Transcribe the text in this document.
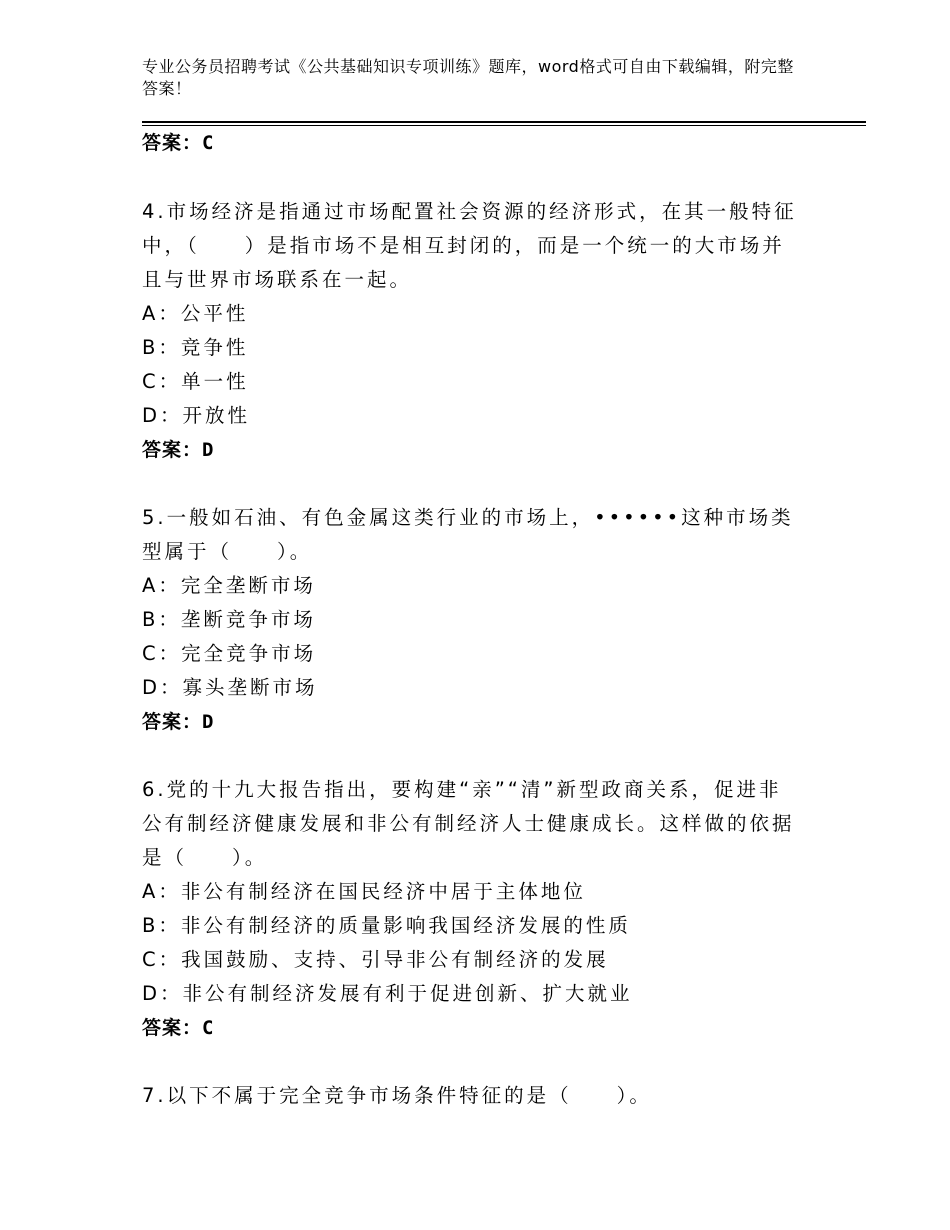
专业公务员招聘考试《公共基础知识专项训练》题库，word格式可自由下载编辑，附完整答案！
答案：C
4.市场经济是指通过市场配置社会资源的经济形式，在其一般特征中，（　　）是指市场不是相互封闭的，而是一个统一的大市场并且与世界市场联系在一起。
A：公平性
B：竞争性
C：单一性
D：开放性
答案：D
5.一般如石油、有色金属这类行业的市场上，••••••这种市场类型属于（　　）。
A：完全垄断市场
B：垄断竞争市场
C：完全竞争市场
D：寡头垄断市场
答案：D
6.党的十九大报告指出，要构建“亲”“清”新型政商关系，促进非公有制经济健康发展和非公有制经济人士健康成长。这样做的依据是（　　）。
A：非公有制经济在国民经济中居于主体地位
B：非公有制经济的质量影响我国经济发展的性质
C：我国鼓励、支持、引导非公有制经济的发展
D：非公有制经济发展有利于促进创新、扩大就业
答案：C
7.以下不属于完全竞争市场条件特征的是（　　）。
